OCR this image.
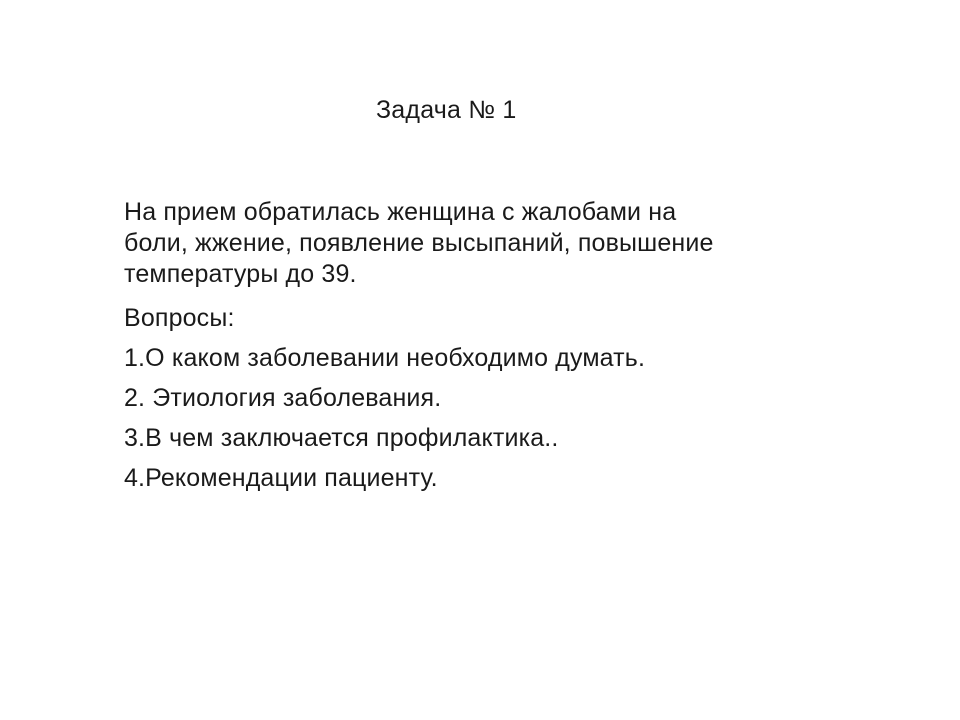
Задача № 1

На прием обратилась женщина с жалобами на
боли, жжение, появление высыпаний, повышение
температуры до 39.

Вопросы:
1.О каком заболевании необходимо думать.
2. Этиология заболевания.
3.В чем заключается профилактика..
4.Рекомендации пациенту.
